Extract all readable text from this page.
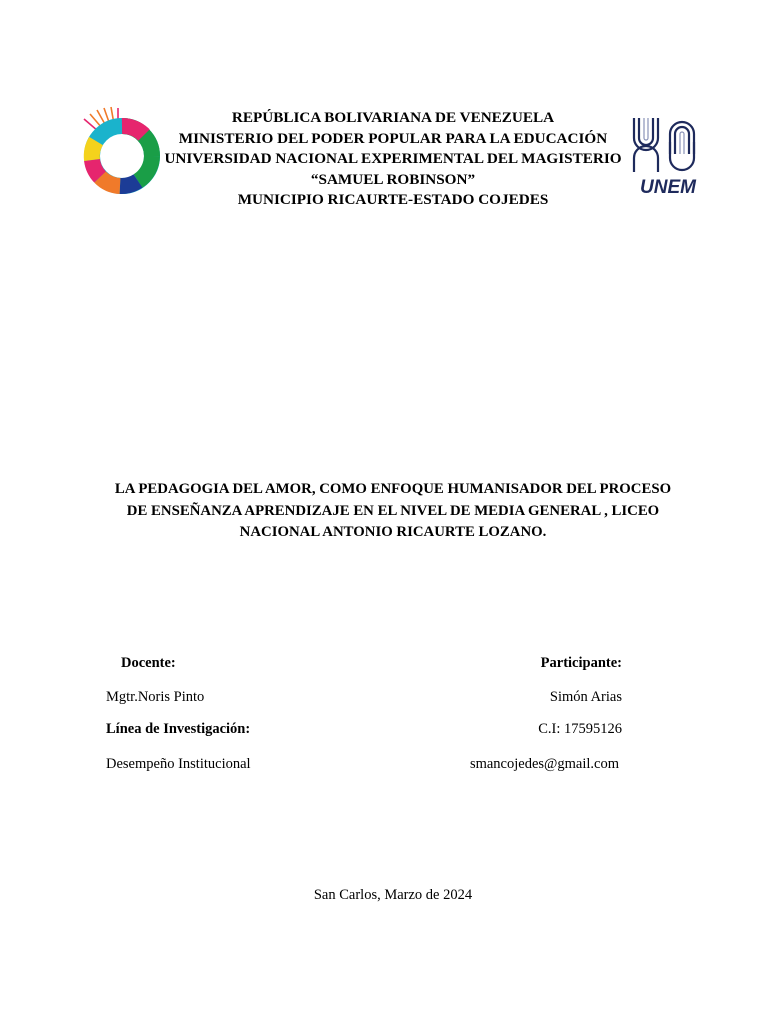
UNEM
REPÚBLICA BOLIVARIANA DE VENEZUELA
MINISTERIO DEL PODER POPULAR PARA LA EDUCACIÓN
UNIVERSIDAD NACIONAL EXPERIMENTAL DEL MAGISTERIO
“SAMUEL ROBINSON”
MUNICIPIO RICAURTE-ESTADO COJEDES
LA PEDAGOGIA DEL AMOR, COMO ENFOQUE HUMANISADOR DEL PROCESO
DE ENSEÑANZA APRENDIZAJE EN EL NIVEL DE MEDIA GENERAL , LICEO
NACIONAL ANTONIO RICAURTE LOZANO.
Docente:
Mgtr.Noris Pinto
Línea de Investigación:
Desempeño Institucional
Participante:
Simón Arias
C.I: 17595126
smancojedes@gmail.com
San Carlos, Marzo de 2024
